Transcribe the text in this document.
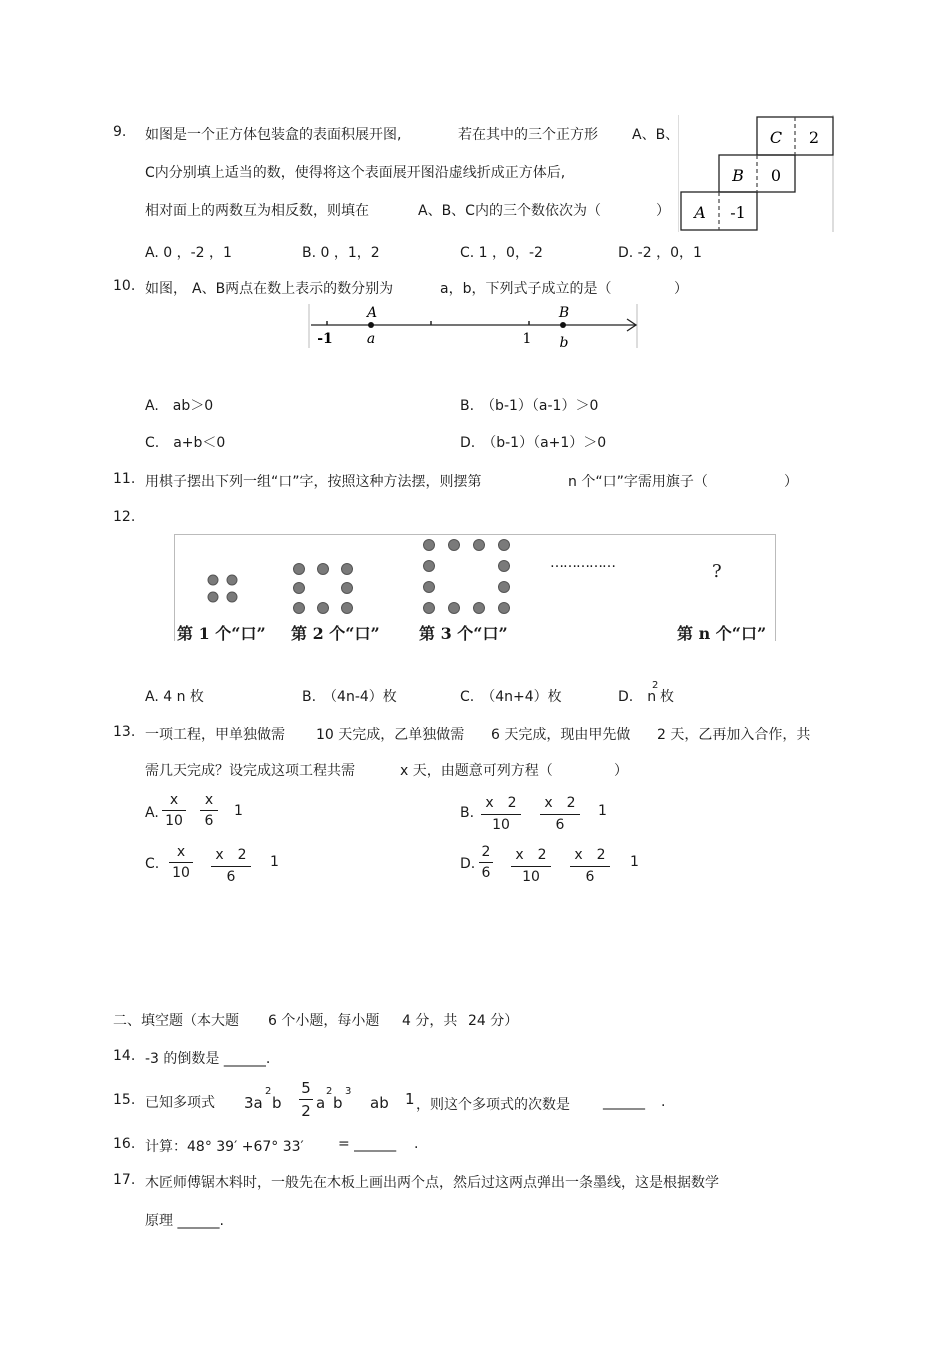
9. 如图是一个正方体包装盒的表面积展开图,	若在其中的三个正方形 A、B、
C内分别填上适当的数，使得将这个表面展开图沿虚线折成正方体后,
相对面上的两数互为相反数，则填在	A、B、C内的三个数依次为（	）
C 2
B 0
A -1
A. 0 ，-2 ，1	B. 0 ，1，2	C. 1 ，0，-2	D. -2 ，0，1
10. 如图， A、B两点在数上表示的数分别为	a，b，下列式子成立的是（	）
A	B
-1 a	1 b
A.　ab＞0	B.　（b-1）（a-1）＞0
C.　a+b＜0	D.　（b-1）（a+1）＞0
11. 用棋子摆出下列一组“口”字，按照这种方法摆，则摆第	n 个“口”字需用旗子（	）
12.
……………	?
第 1 个“口” 第 2 个“口” 第 3 个“口”	第 n 个“口”
A. 4 n 枚	B.　（4n-4）枚	C.　（4n+4）枚	D.　n
2
枚
13. 一项工程，甲单独做需 10 天完成，乙单独做需 6 天完成，现由甲先做 2 天，乙再加入合作，共
需几天完成？设完成这项工程共需	x 天，由题意可列方程（	）
A.
x
10
x
6
1	B.
x　2
10
x　2
6
1
C.
x
10
x　2
6
1	D.
2
6
x　2
10
x　2
6
1
二、填空题（本大题 6 个小题，每小题 4 分，共 24 分）
14. -3 的倒数是 ______.
15. 已知多项式 3a
2
b
5
2 a
2
b
3
ab 1 ，则这个多项式的次数是 ______ .
16. 计算：48° 39′ +67° 33′ = ______ .
17. 木匠师傅锯木料时，一般先在木板上画出两个点，然后过这两点弹出一条墨线，这是根据数学
原理 ______.
